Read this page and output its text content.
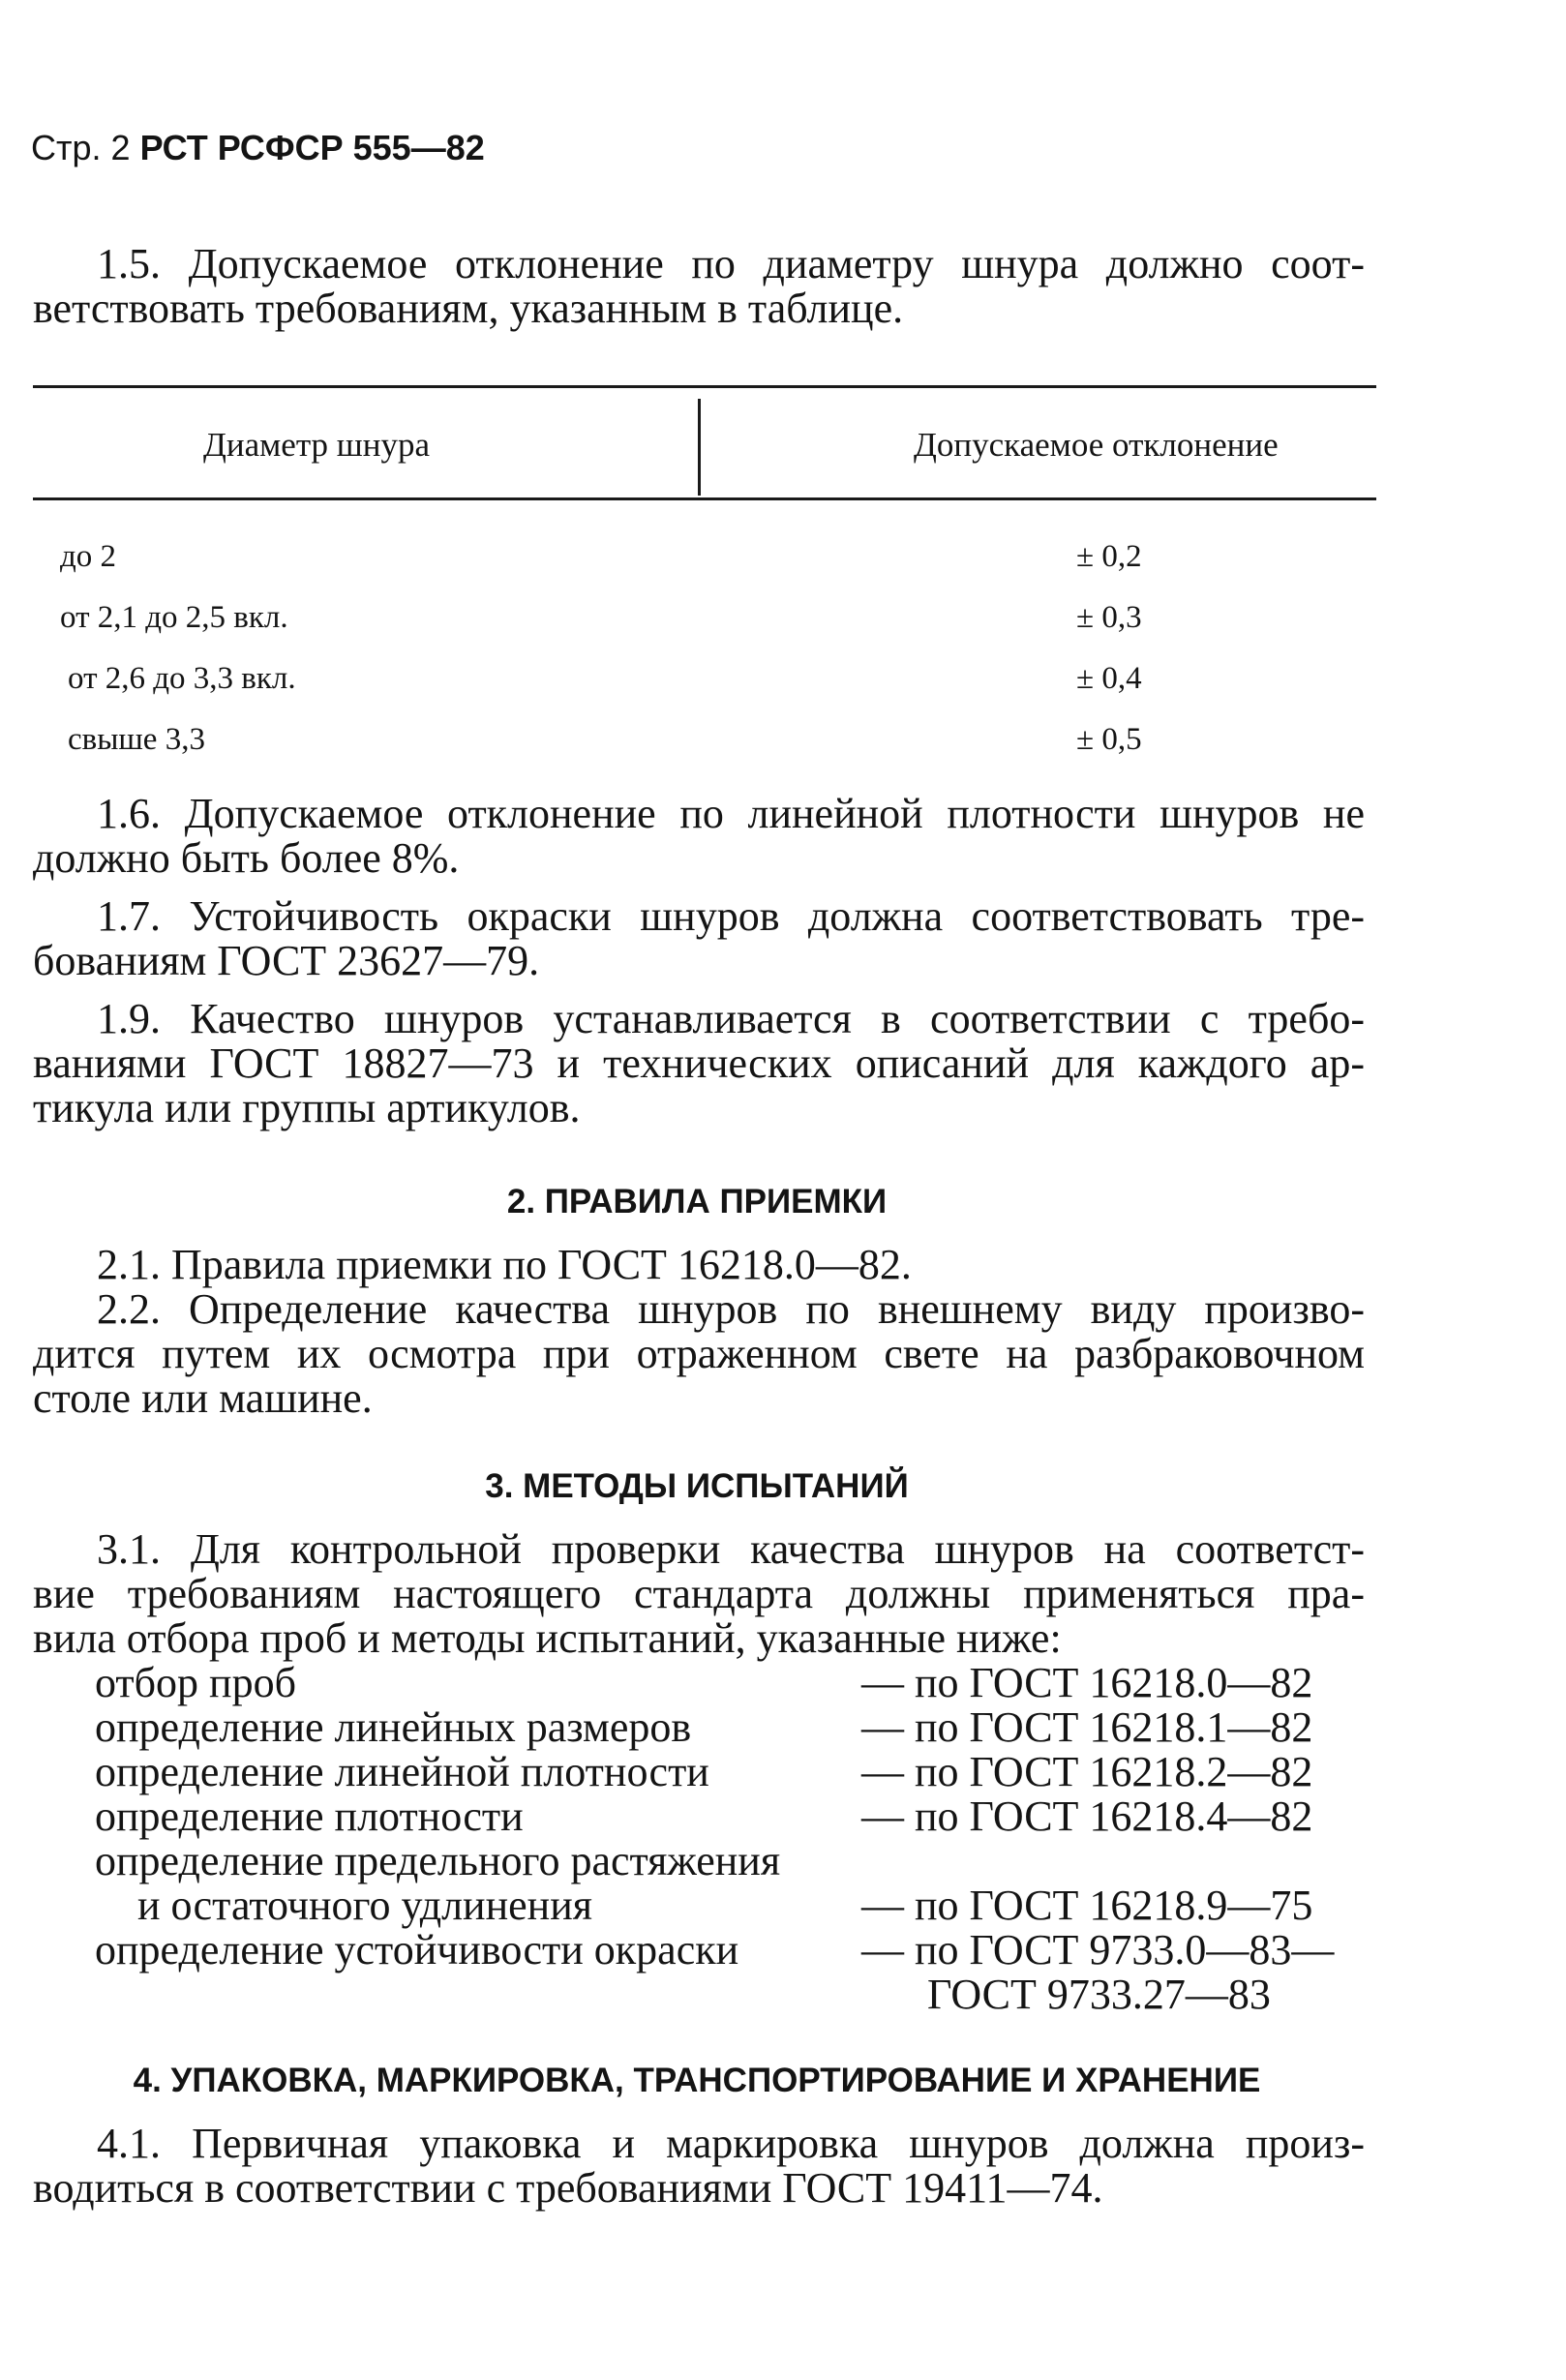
Стр. 2 РСТ РСФСР 555—82
1.5. Допускаемое отклонение по диаметру шнура должно соот-
ветствовать требованиям, указанным в таблице.
Диаметр шнура	Допускаемое отклонение
до 2	± 0,2
от 2,1 до 2,5 вкл.	± 0,3
от 2,6 до 3,3 вкл.	± 0,4
свыше 3,3	± 0,5
1.6. Допускаемое отклонение по линейной плотности шнуров не
должно быть более 8%.
1.7. Устойчивость окраски шнуров должна соответствовать тре-
бованиям ГОСТ 23627—79.
1.9. Качество шнуров устанавливается в соответствии с требо-
ваниями ГОСТ 18827—73 и технических описаний для каждого ар-
тикула или группы артикулов.
2. ПРАВИЛА ПРИЕМКИ
2.1. Правила приемки по ГОСТ 16218.0—82.
2.2. Определение качества шнуров по внешнему виду произво-
дится путем их осмотра при отраженном свете на разбраковочном
столе или машине.
3. МЕТОДЫ ИСПЫТАНИЙ
3.1. Для контрольной проверки качества шнуров на соответст-
вие требованиям настоящего стандарта должны применяться пра-
вила отбора проб и методы испытаний, указанные ниже:
отбор проб	— по ГОСТ 16218.0—82
определение линейных размеров	— по ГОСТ 16218.1—82
определение линейной плотности	— по ГОСТ 16218.2—82
определение плотности	— по ГОСТ 16218.4—82
определение предельного растяжения
и остаточного удлинения	— по ГОСТ 16218.9—75
определение устойчивости окраски	— по ГОСТ 9733.0—83—
ГОСТ 9733.27—83
4. УПАКОВКА, МАРКИРОВКА, ТРАНСПОРТИРОВАНИЕ И ХРАНЕНИЕ
4.1. Первичная упаковка и маркировка шнуров должна произ-
водиться в соответствии с требованиями ГОСТ 19411—74.
